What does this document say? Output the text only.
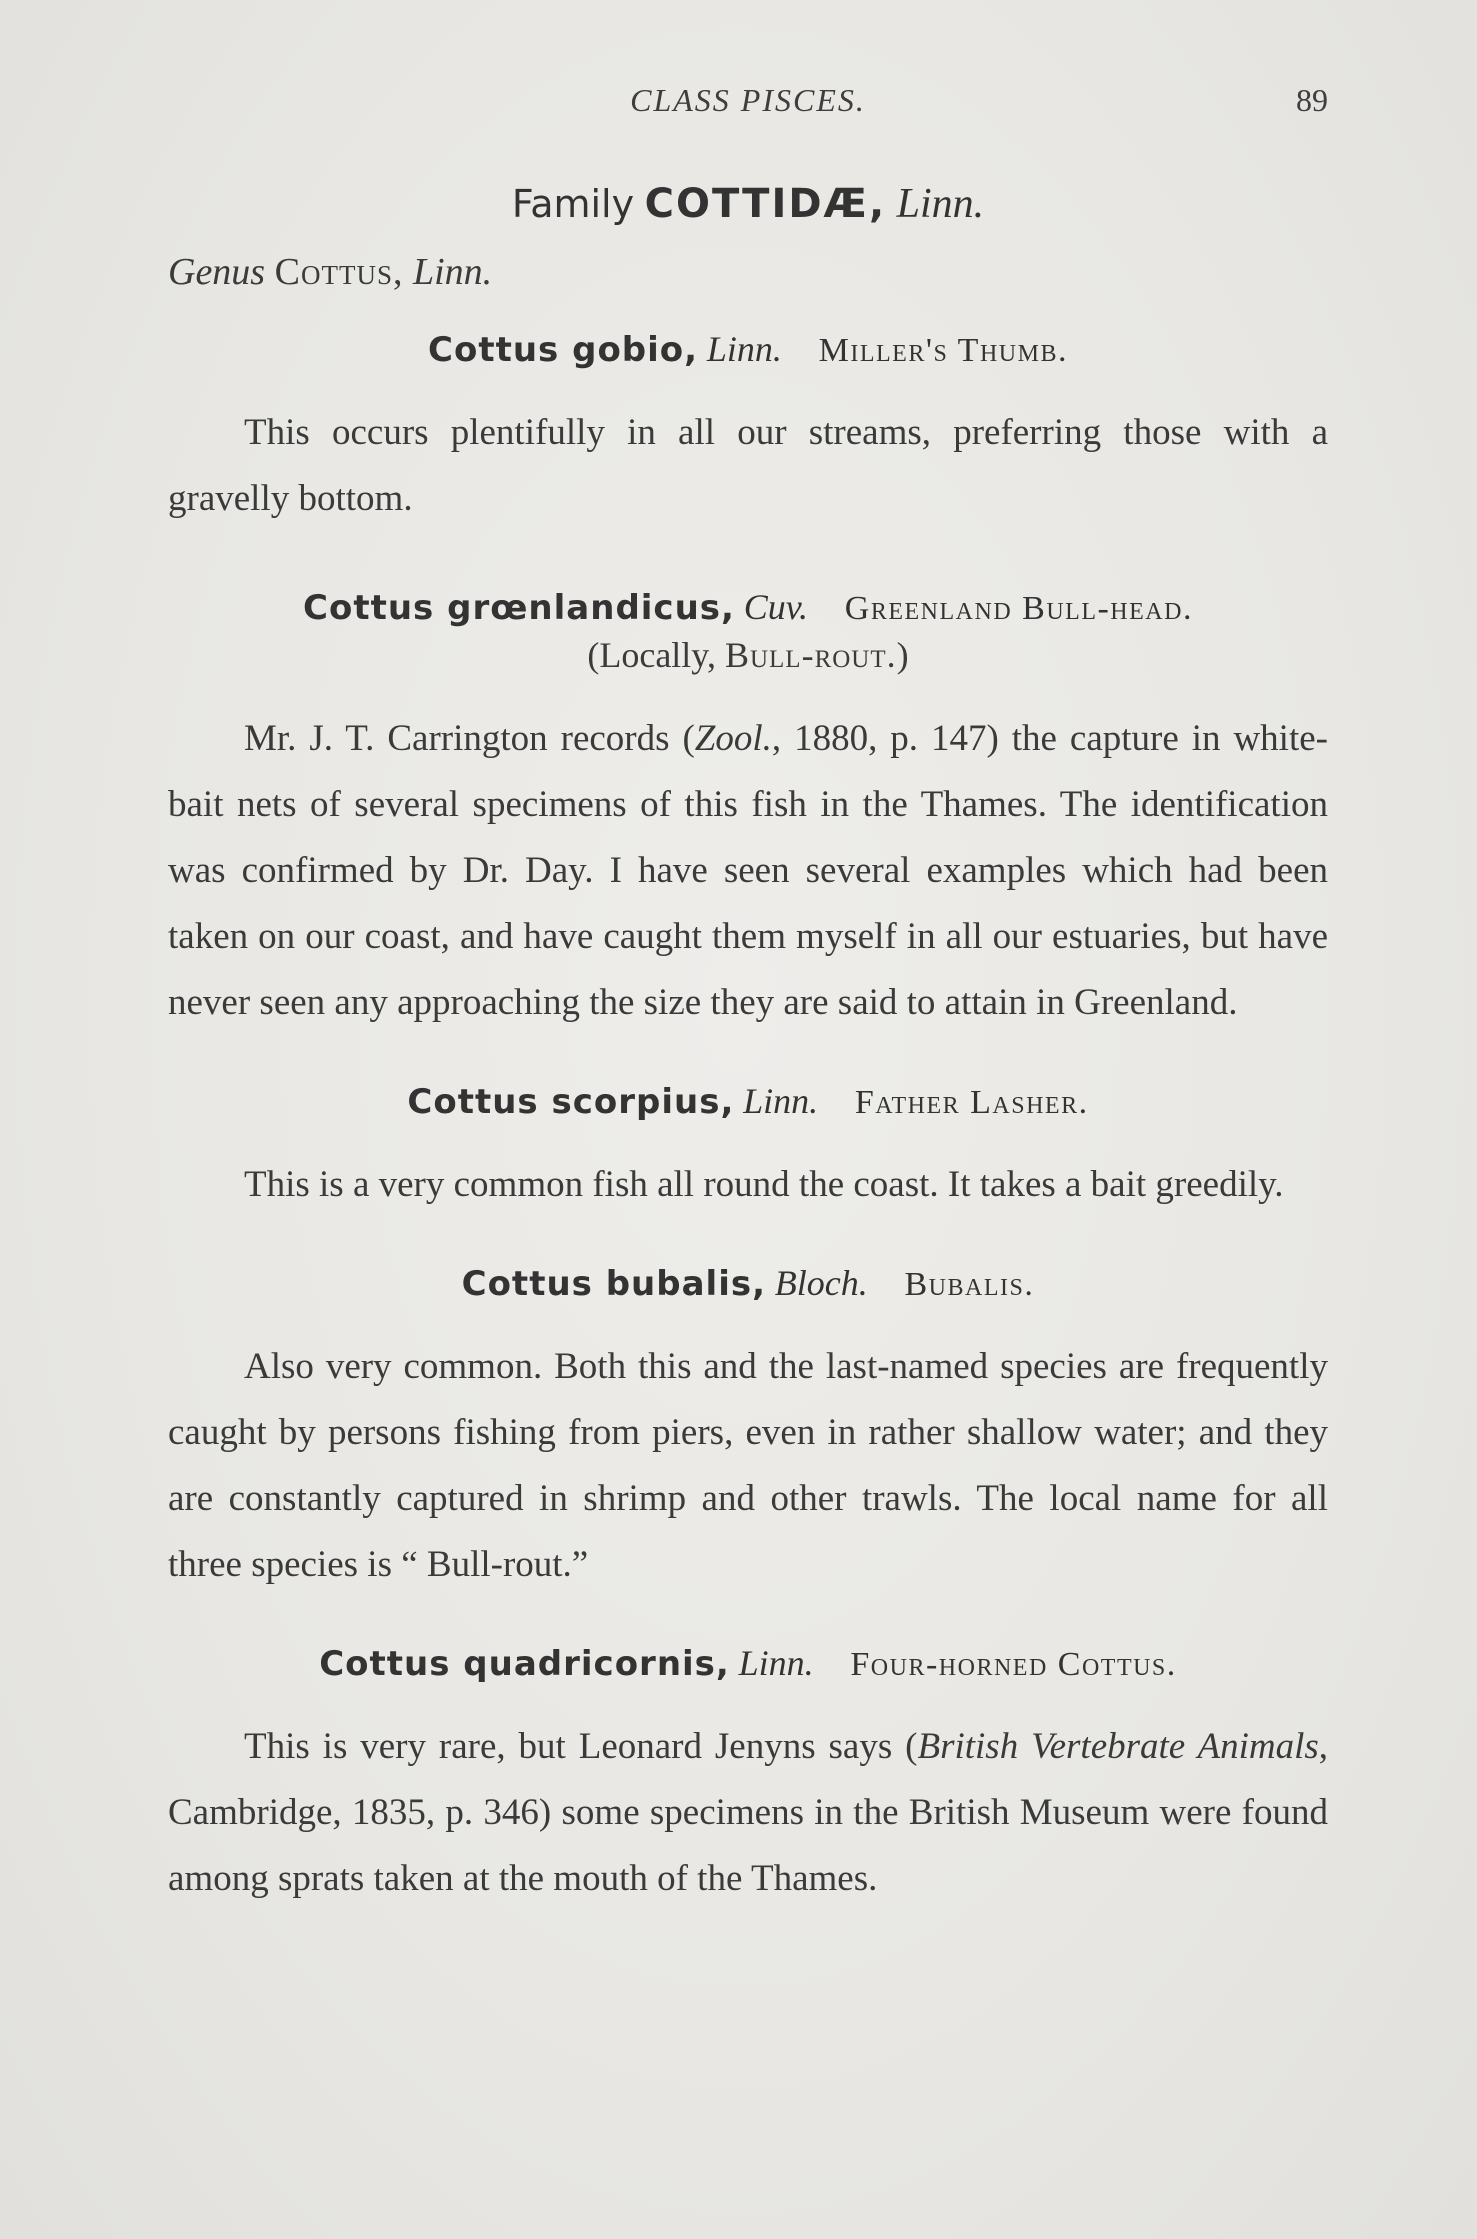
CLASS PISCES.	89
Family COTTIDÆ, Linn.
Genus Cottus, Linn.
Cottus gobio, Linn. Miller's Thumb.

This occurs plentifully in all our streams, preferring those with a gravelly bottom.

Cottus grœnlandicus, Cuv. Greenland Bull-head.
(Locally, Bull-rout.)

Mr. J. T. Carrington records (Zool., 1880, p. 147) the capture in white-bait nets of several specimens of this fish in the Thames. The identification was confirmed by Dr. Day. I have seen several examples which had been taken on our coast, and have caught them myself in all our estuaries, but have never seen any approaching the size they are said to attain in Greenland.

Cottus scorpius, Linn. Father Lasher.

This is a very common fish all round the coast. It takes a bait greedily.

Cottus bubalis, Bloch. Bubalis.

Also very common. Both this and the last-named species are frequently caught by persons fishing from piers, even in rather shallow water; and they are constantly captured in shrimp and other trawls. The local name for all three species is “ Bull-rout.”

Cottus quadricornis, Linn. Four-horned Cottus.

This is very rare, but Leonard Jenyns says (British Vertebrate Animals, Cambridge, 1835, p. 346) some specimens in the British Museum were found among sprats taken at the mouth of the Thames.
